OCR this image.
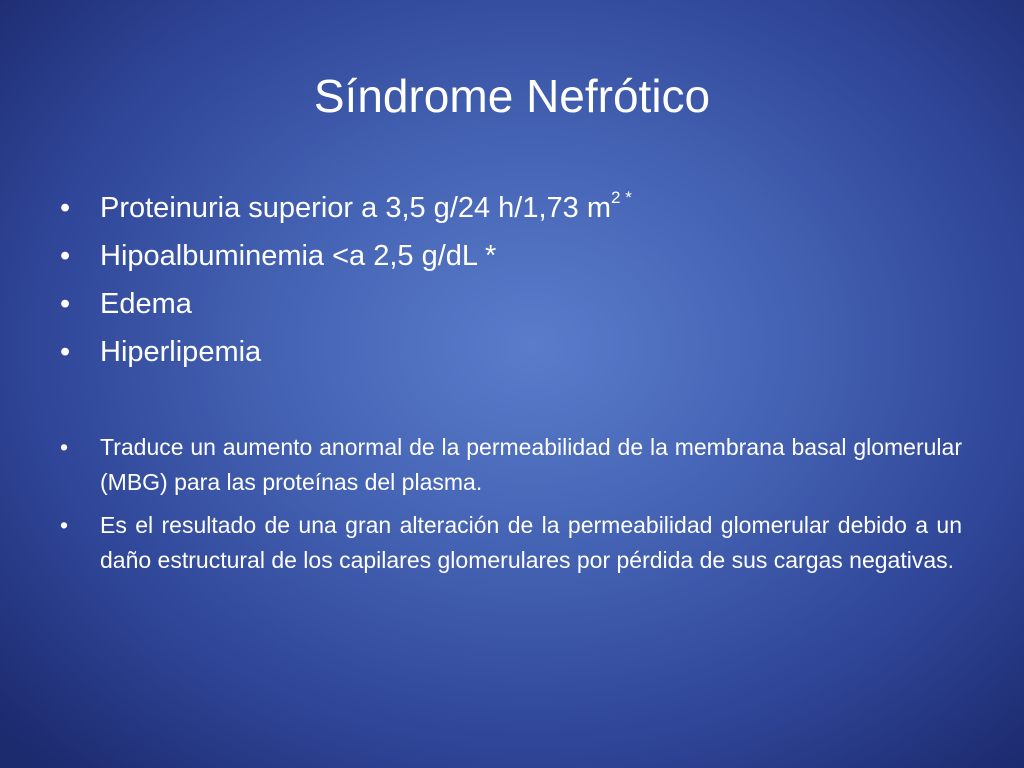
Síndrome Nefrótico
• Proteinuria superior a 3,5 g/24 h/1,73 $m^{2 *}$
• Hipoalbuminemia <a 2,5 g/dL *
• Edema
• Hiperlipemia
• Traduce un aumento anormal de la permeabilidad de la membrana basal glomerular (MBG) para las proteínas del plasma.
• Es el resultado de una gran alteración de la permeabilidad glomerular debido a un daño estructural de los capilares glomerulares por pérdida de sus cargas negativas.
